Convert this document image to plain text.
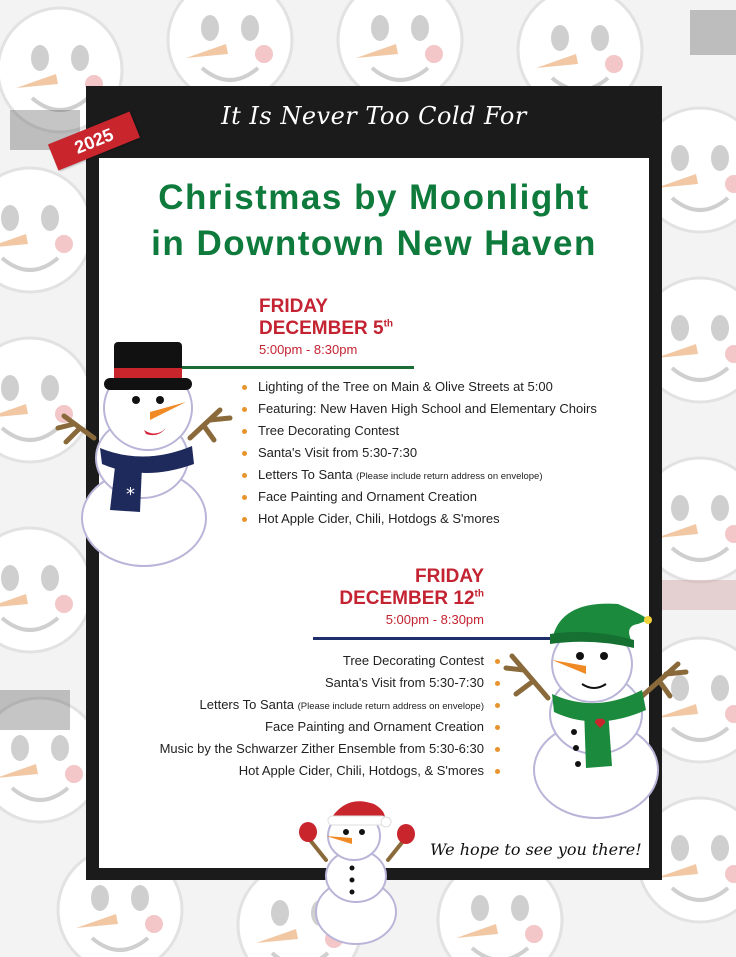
It Is Never Too Cold For
2025
Christmas by Moonlight
in Downtown New Haven
FRIDAY
DECEMBER 5th
5:00pm - 8:30pm
Lighting of the Tree on Main & Olive Streets at 5:00
Featuring: New Haven High School and Elementary Choirs
Tree Decorating Contest
Santa's Visit from 5:30-7:30
Letters To Santa (Please include return address on envelope)
Face Painting and Ornament Creation
Hot Apple Cider, Chili, Hotdogs & S'mores
FRIDAY
DECEMBER 12th
5:00pm - 8:30pm
Tree Decorating Contest
Santa's Visit from 5:30-7:30
Letters To Santa (Please include return address on envelope)
Face Painting and Ornament Creation
Music by the Schwarzer Zither Ensemble from 5:30-6:30
Hot Apple Cider, Chili, Hotdogs, & S'mores
We hope to see you there!
*
